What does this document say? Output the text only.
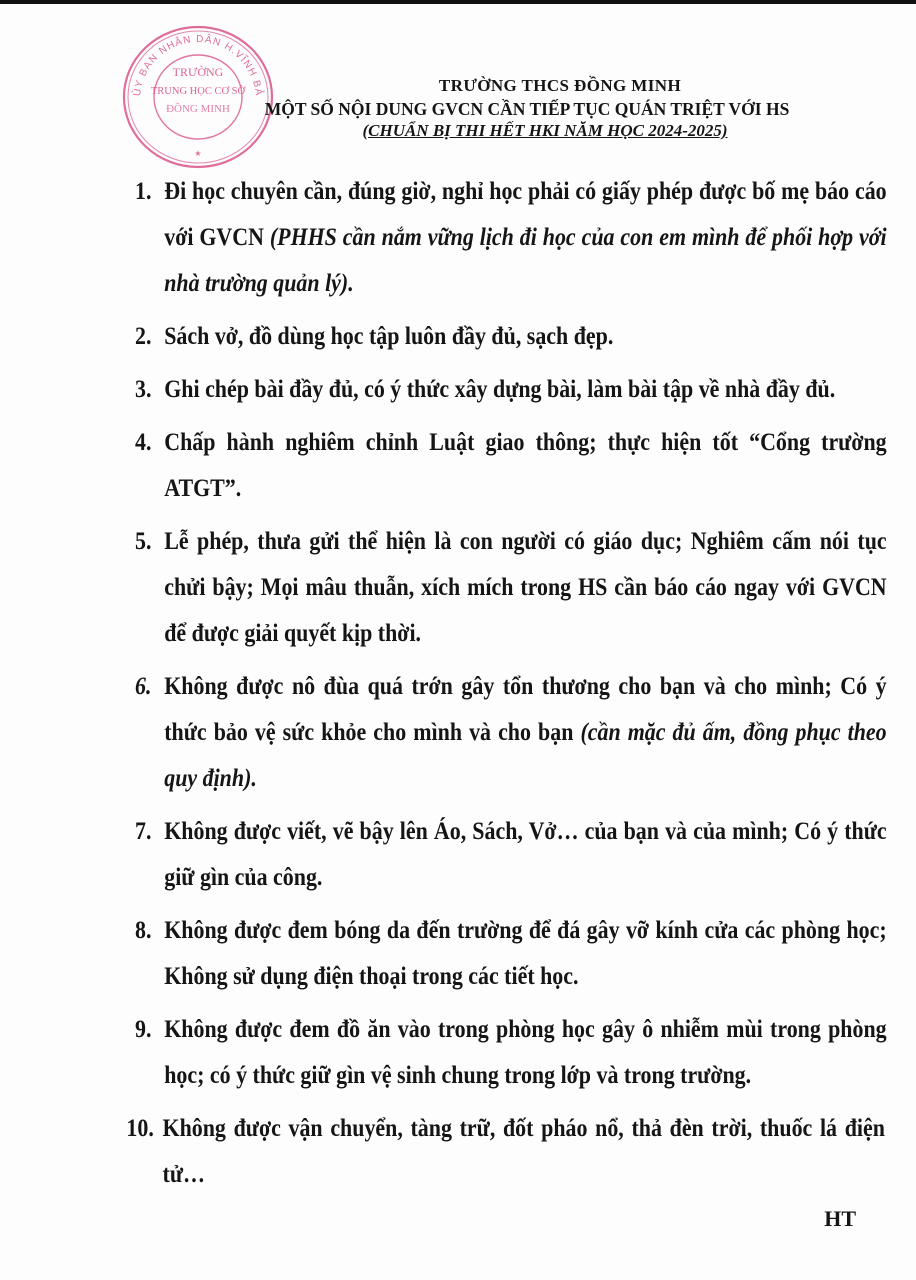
ỦY BAN NHÂN DÂN H.VĨNH BẢ
TRƯỜNG
TRUNG HỌC CƠ SỞ
ĐỒNG MINH
★
TRƯỜNG THCS ĐỒNG MINH
MỘT SỐ NỘI DUNG GVCN CẦN TIẾP TỤC QUÁN TRIỆT VỚI HS
(CHUẨN BỊ THI HẾT HKI NĂM HỌC 2024-2025)
1. Đi học chuyên cần, đúng giờ, nghỉ học phải có giấy phép được bố mẹ báo cáo với GVCN (PHHS cần nắm vững lịch đi học của con em mình để phối hợp với nhà trường quản lý).
2. Sách vở, đồ dùng học tập luôn đầy đủ, sạch đẹp.
3. Ghi chép bài đầy đủ, có ý thức xây dựng bài, làm bài tập về nhà đầy đủ.
4. Chấp hành nghiêm chỉnh Luật giao thông; thực hiện tốt “Cổng trường ATGT”.
5. Lễ phép, thưa gửi thể hiện là con người có giáo dục; Nghiêm cấm nói tục chửi bậy; Mọi mâu thuẫn, xích mích trong HS cần báo cáo ngay với GVCN để được giải quyết kịp thời.
6. Không được nô đùa quá trớn gây tổn thương cho bạn và cho mình; Có ý thức bảo vệ sức khỏe cho mình và cho bạn (cần mặc đủ ấm, đồng phục theo quy định).
7. Không được viết, vẽ bậy lên Áo, Sách, Vở… của bạn và của mình; Có ý thức giữ gìn của công.
8. Không được đem bóng da đến trường để đá gây vỡ kính cửa các phòng học; Không sử dụng điện thoại trong các tiết học.
9. Không được đem đồ ăn vào trong phòng học gây ô nhiễm mùi trong phòng học; có ý thức giữ gìn vệ sinh chung trong lớp và trong trường.
10. Không được vận chuyển, tàng trữ, đốt pháo nổ, thả đèn trời, thuốc lá điện tử…
HT
